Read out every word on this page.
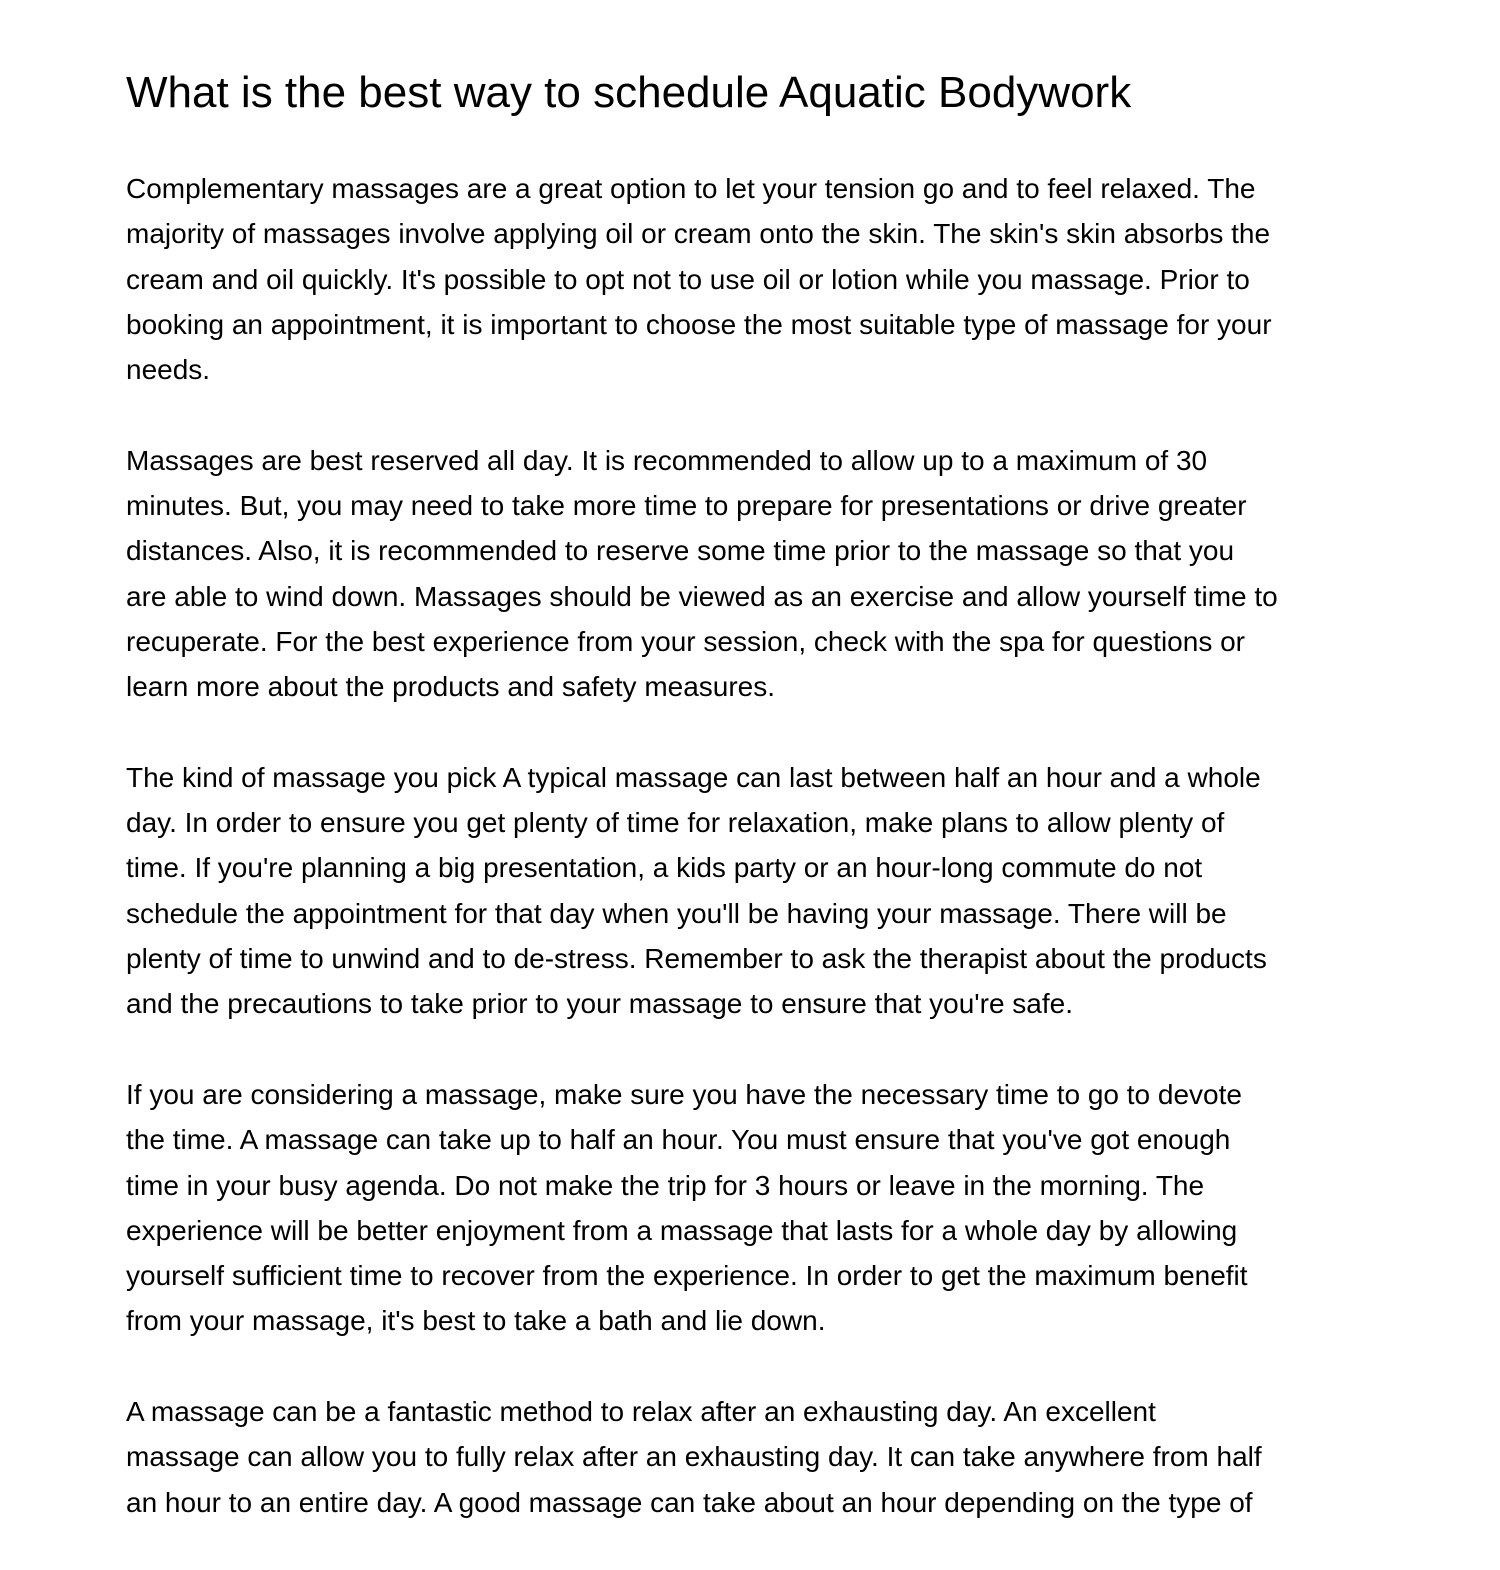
What is the best way to schedule Aquatic Bodywork

Complementary massages are a great option to let your tension go and to feel relaxed. The
majority of massages involve applying oil or cream onto the skin. The skin's skin absorbs the
cream and oil quickly. It's possible to opt not to use oil or lotion while you massage. Prior to
booking an appointment, it is important to choose the most suitable type of massage for your
needs.

Massages are best reserved all day. It is recommended to allow up to a maximum of 30
minutes. But, you may need to take more time to prepare for presentations or drive greater
distances. Also, it is recommended to reserve some time prior to the massage so that you
are able to wind down. Massages should be viewed as an exercise and allow yourself time to
recuperate. For the best experience from your session, check with the spa for questions or
learn more about the products and safety measures.

The kind of massage you pick A typical massage can last between half an hour and a whole
day. In order to ensure you get plenty of time for relaxation, make plans to allow plenty of
time. If you're planning a big presentation, a kids party or an hour-long commute do not
schedule the appointment for that day when you'll be having your massage. There will be
plenty of time to unwind and to de-stress. Remember to ask the therapist about the products
and the precautions to take prior to your massage to ensure that you're safe.

If you are considering a massage, make sure you have the necessary time to go to devote
the time. A massage can take up to half an hour. You must ensure that you've got enough
time in your busy agenda. Do not make the trip for 3 hours or leave in the morning. The
experience will be better enjoyment from a massage that lasts for a whole day by allowing
yourself sufficient time to recover from the experience. In order to get the maximum benefit
from your massage, it's best to take a bath and lie down.

A massage can be a fantastic method to relax after an exhausting day. An excellent
massage can allow you to fully relax after an exhausting day. It can take anywhere from half
an hour to an entire day. A good massage can take about an hour depending on the type of
